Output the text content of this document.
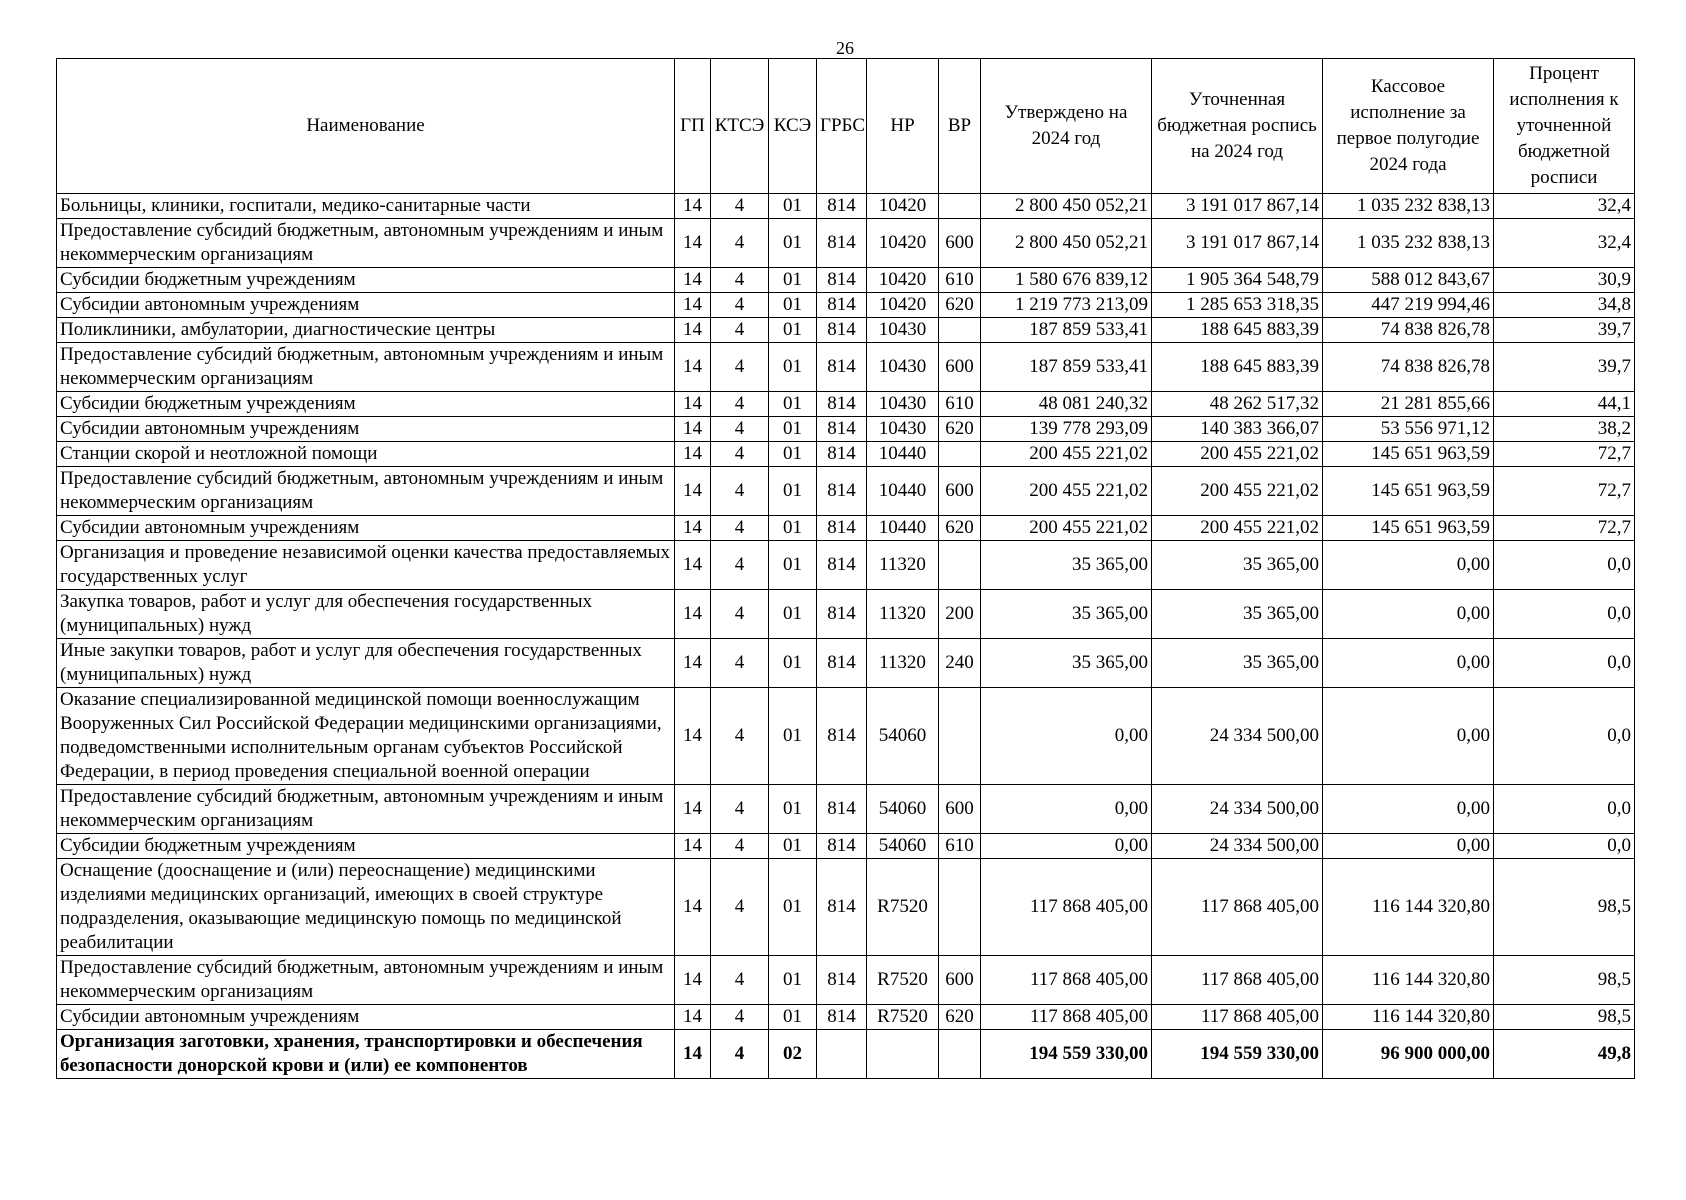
26
Наименование	ГП	КТСЭ	КСЭ	ГРБС	НР	ВР	Утверждено на 2024 год	Уточненная бюджетная роспись на 2024 год	Кассовое исполнение за первое полугодие 2024 года	Процент исполнения к уточненной бюджетной росписи
Больницы, клиники, госпитали, медико-санитарные части	14	4	01	814	10420		2 800 450 052,21	3 191 017 867,14	1 035 232 838,13	32,4
Предоставление субсидий бюджетным, автономным учреждениям и иным некоммерческим организациям	14	4	01	814	10420	600	2 800 450 052,21	3 191 017 867,14	1 035 232 838,13	32,4
Субсидии бюджетным учреждениям	14	4	01	814	10420	610	1 580 676 839,12	1 905 364 548,79	588 012 843,67	30,9
Субсидии автономным учреждениям	14	4	01	814	10420	620	1 219 773 213,09	1 285 653 318,35	447 219 994,46	34,8
Поликлиники, амбулатории, диагностические центры	14	4	01	814	10430		187 859 533,41	188 645 883,39	74 838 826,78	39,7
Предоставление субсидий бюджетным, автономным учреждениям и иным некоммерческим организациям	14	4	01	814	10430	600	187 859 533,41	188 645 883,39	74 838 826,78	39,7
Субсидии бюджетным учреждениям	14	4	01	814	10430	610	48 081 240,32	48 262 517,32	21 281 855,66	44,1
Субсидии автономным учреждениям	14	4	01	814	10430	620	139 778 293,09	140 383 366,07	53 556 971,12	38,2
Станции скорой и неотложной помощи	14	4	01	814	10440		200 455 221,02	200 455 221,02	145 651 963,59	72,7
Предоставление субсидий бюджетным, автономным учреждениям и иным некоммерческим организациям	14	4	01	814	10440	600	200 455 221,02	200 455 221,02	145 651 963,59	72,7
Субсидии автономным учреждениям	14	4	01	814	10440	620	200 455 221,02	200 455 221,02	145 651 963,59	72,7
Организация и проведение независимой оценки качества предоставляемых государственных услуг	14	4	01	814	11320		35 365,00	35 365,00	0,00	0,0
Закупка товаров, работ и услуг для обеспечения государственных (муниципальных) нужд	14	4	01	814	11320	200	35 365,00	35 365,00	0,00	0,0
Иные закупки товаров, работ и услуг для обеспечения государственных (муниципальных) нужд	14	4	01	814	11320	240	35 365,00	35 365,00	0,00	0,0
Оказание специализированной медицинской помощи военнослужащим Вооруженных Сил Российской Федерации медицинскими организациями, подведомственными исполнительным органам субъектов Российской Федерации, в период проведения специальной военной операции	14	4	01	814	54060		0,00	24 334 500,00	0,00	0,0
Предоставление субсидий бюджетным, автономным учреждениям и иным некоммерческим организациям	14	4	01	814	54060	600	0,00	24 334 500,00	0,00	0,0
Субсидии бюджетным учреждениям	14	4	01	814	54060	610	0,00	24 334 500,00	0,00	0,0
Оснащение (дооснащение и (или) переоснащение) медицинскими изделиями медицинских организаций, имеющих в своей структуре подразделения, оказывающие медицинскую помощь по медицинской реабилитации	14	4	01	814	R7520		117 868 405,00	117 868 405,00	116 144 320,80	98,5
Предоставление субсидий бюджетным, автономным учреждениям и иным некоммерческим организациям	14	4	01	814	R7520	600	117 868 405,00	117 868 405,00	116 144 320,80	98,5
Субсидии автономным учреждениям	14	4	01	814	R7520	620	117 868 405,00	117 868 405,00	116 144 320,80	98,5
Организация заготовки, хранения, транспортировки и обеспечения безопасности донорской крови и (или) ее компонентов	14	4	02				194 559 330,00	194 559 330,00	96 900 000,00	49,8
